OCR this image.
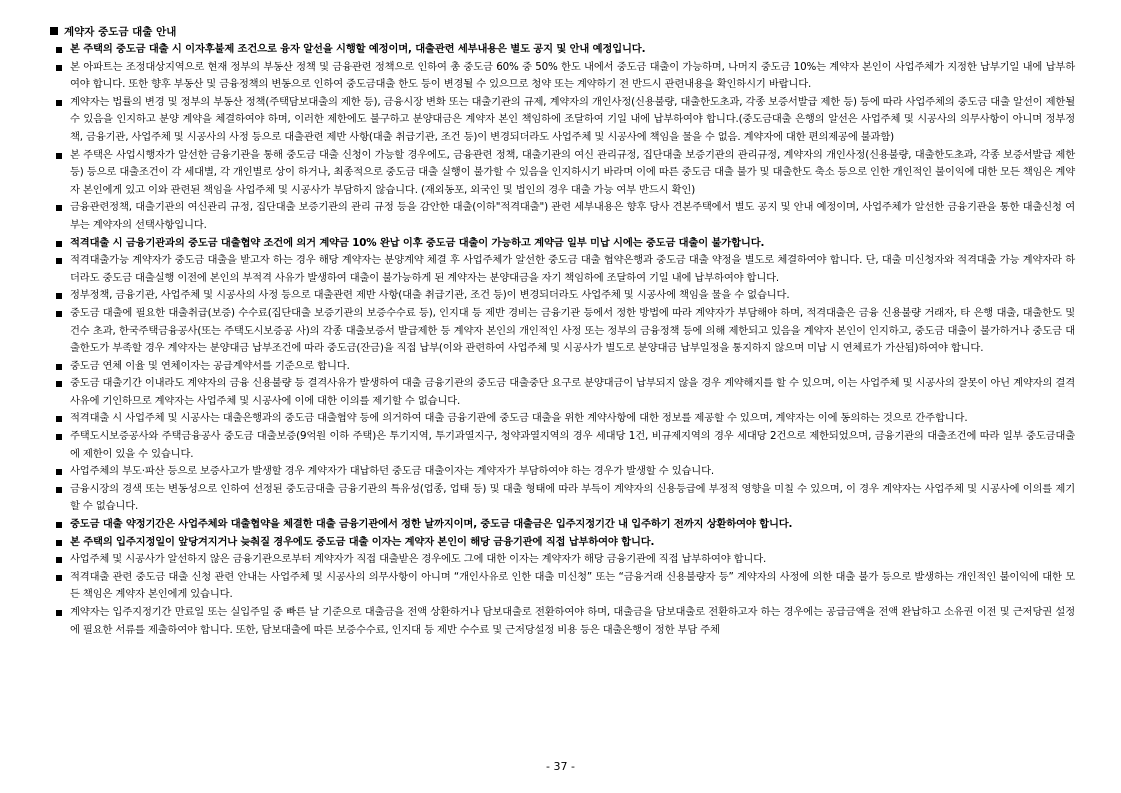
계약자 중도금 대출 안내
본 주택의 중도금 대출 시 이자후불제 조건으로 융자 알선을 시행할 예정이며, 대출관련 세부내용은 별도 공지 및 안내 예정입니다.
본 아파트는 조정대상지역으로 현재 정부의 부동산 정책 및 금융관련 정책으로 인하여 총 중도금 60% 중 50% 한도 내에서 중도금 대출이 가능하며, 나머지 중도금 10%는 계약자 본인이 사업주체가 지정한 납부기일 내에 납부하여야 합니다. 또한 향후 부동산 및 금융정책의 변동으로 인하여 중도금대출 한도 등이 변경될 수 있으므로 청약 또는 계약하기 전 반드시 관련내용을 확인하시기 바랍니다.
계약자는 법률의 변경 및 정부의 부동산 정책(주택담보대출의 제한 등), 금융시장 변화 또는 대출기관의 규제, 계약자의 개인사정(신용불량, 대출한도초과, 각종 보증서발급 제한 등) 등에 따라 사업주체의 중도금 대출 알선이 제한될 수 있음을 인지하고 분양 계약을 체결하여야 하며, 이러한 제한에도 불구하고 분양대금은 계약자 본인 책임하에 조달하여 기일 내에 납부하여야 합니다.(중도금대출 은행의 알선은 사업주체 및 시공사의 의무사항이 아니며 정부정책, 금융기관, 사업주체 및 시공사의 사정 등으로 대출관련 제반 사항(대출 취급기관, 조건 등)이 변경되더라도 사업주체 및 시공사에 책임을 물을 수 없음. 계약자에 대한 편의제공에 불과함)
본 주택은 사업시행자가 알선한 금융기관을 통해 중도금 대출 신청이 가능할 경우에도, 금융관련 정책, 대출기관의 여신 관리규정, 집단대출 보증기관의 관리규정, 계약자의 개인사정(신용불량, 대출한도초과, 각종 보증서발급 제한 등) 등으로 대출조건이 각 세대별, 각 개인별로 상이 하거나, 최종적으로 중도금 대출 실행이 불가할 수 있음을 인지하시기 바라며 이에 따른 중도금 대출 불가 및 대출한도 축소 등으로 인한 개인적인 불이익에 대한 모든 책임은 계약자 본인에게 있고 이와 관련된 책임을 사업주체 및 시공사가 부담하지 않습니다. (재외동포, 외국인 및 법인의 경우 대출 가능 여부 반드시 확인)
금융관련정책, 대출기관의 여신관리 규정, 집단대출 보증기관의 관리 규정 등을 감안한 대출(이하"적격대출") 관련 세부내용은 향후 당사 견본주택에서 별도 공지 및 안내 예정이며, 사업주체가 알선한 금융기관을 통한 대출신청 여부는 계약자의 선택사항입니다.
적격대출 시 금융기관과의 중도금 대출협약 조건에 의거 계약금 10% 완납 이후 중도금 대출이 가능하고 계약금 일부 미납 시에는 중도금 대출이 불가합니다.
적격대출가능 계약자가 중도금 대출을 받고자 하는 경우 해당 계약자는 분양계약 체결 후 사업주체가 알선한 중도금 대출 협약은행과 중도금 대출 약정을 별도로 체결하여야 합니다. 단, 대출 미신청자와 적격대출 가능 계약자라 하더라도 중도금 대출실행 이전에 본인의 부적격 사유가 발생하여 대출이 불가능하게 된 계약자는 분양대금을 자기 책임하에 조달하여 기일 내에 납부하여야 합니다.
정부정책, 금융기관, 사업주체 및 시공사의 사정 등으로 대출관련 제반 사항(대출 취급기관, 조건 등)이 변경되더라도 사업주체 및 시공사에 책임을 물을 수 없습니다.
중도금 대출에 필요한 대출취급(보증) 수수료(집단대출 보증기관의 보증수수료 등), 인지대 등 제반 경비는 금융기관 등에서 정한 방법에 따라 계약자가 부담해야 하며, 적격대출은 금융 신용불량 거래자, 타 은행 대출, 대출한도 및 건수 초과, 한국주택금융공사(또는 주택도시보증공 사)의 각종 대출보증서 발급제한 등 계약자 본인의 개인적인 사정 또는 정부의 금융정책 등에 의해 제한되고 있음을 계약자 본인이 인지하고, 중도금 대출이 불가하거나 중도금 대출한도가 부족할 경우 계약자는 분양대금 납부조건에 따라 중도금(잔금)을 직접 납부(이와 관련하여 사업주체 및 시공사가 별도로 분양대금 납부일정을 통지하지 않으며 미납 시 연체료가 가산됨)하여야 합니다.
중도금 연체 이율 및 연체이자는 공급계약서를 기준으로 합니다.
중도금 대출기간 이내라도 계약자의 금융 신용불량 등 결격사유가 발생하여 대출 금융기관의 중도금 대출중단 요구로 분양대금이 납부되지 않을 경우 계약해지를 할 수 있으며, 이는 사업주체 및 시공사의 잘못이 아닌 계약자의 결격사유에 기인하므로 계약자는 사업주체 및 시공사에 이에 대한 이의를 제기할 수 없습니다.
적격대출 시 사업주체 및 시공사는 대출은행과의 중도금 대출협약 등에 의거하여 대출 금융기관에 중도금 대출을 위한 계약사항에 대한 정보를 제공할 수 있으며, 계약자는 이에 동의하는 것으로 간주합니다.
주택도시보증공사와 주택금융공사 중도금 대출보증(9억원 이하 주택)은 투기지역, 투기과열지구, 청약과열지역의 경우 세대당 1건, 비규제지역의 경우 세대당 2건으로 제한되었으며, 금융기관의 대출조건에 따라 일부 중도금대출에 제한이 있을 수 있습니다.
사업주체의 부도·파산 등으로 보증사고가 발생할 경우 계약자가 대납하던 중도금 대출이자는 계약자가 부담하여야 하는 경우가 발생할 수 있습니다.
금융시장의 경색 또는 변동성으로 인하여 선정된 중도금대출 금융기관의 특유성(업종, 업태 등) 및 대출 형태에 따라 부득이 계약자의 신용등급에 부정적 영향을 미칠 수 있으며, 이 경우 계약자는 사업주체 및 시공사에 이의를 제기할 수 없습니다.
중도금 대출 약정기간은 사업주체와 대출협약을 체결한 대출 금융기관에서 정한 날까지이며, 중도금 대출금은 입주지정기간 내 입주하기 전까지 상환하여야 합니다.
본 주택의 입주지정일이 앞당겨지거나 늦춰질 경우에도 중도금 대출 이자는 계약자 본인이 해당 금융기관에 직접 납부하여야 합니다.
사업주체 및 시공사가 알선하지 않은 금융기관으로부터 계약자가 직접 대출받은 경우에도 그에 대한 이자는 계약자가 해당 금융기관에 직접 납부하여야 합니다.
적격대출 관련 중도금 대출 신청 관련 안내는 사업주체 및 시공사의 의무사항이 아니며 “개인사유로 인한 대출 미신청” 또는 “금융거래 신용불량자 등” 계약자의 사정에 의한 대출 불가 등으로 발생하는 개인적인 불이익에 대한 모든 책임은 계약자 본인에게 있습니다.
계약자는 입주지정기간 만료일 또는 실입주일 중 빠른 날 기준으로 대출금을 전액 상환하거나 담보대출로 전환하여야 하며, 대출금을 담보대출로 전환하고자 하는 경우에는 공급금액을 전액 완납하고 소유권 이전 및 근저당권 설정에 필요한 서류를 제출하여야 합니다. 또한, 담보대출에 따른 보증수수료, 인지대 등 제반 수수료 및 근저당설정 비용 등은 대출은행이 정한 부담 주체
- 37 -
